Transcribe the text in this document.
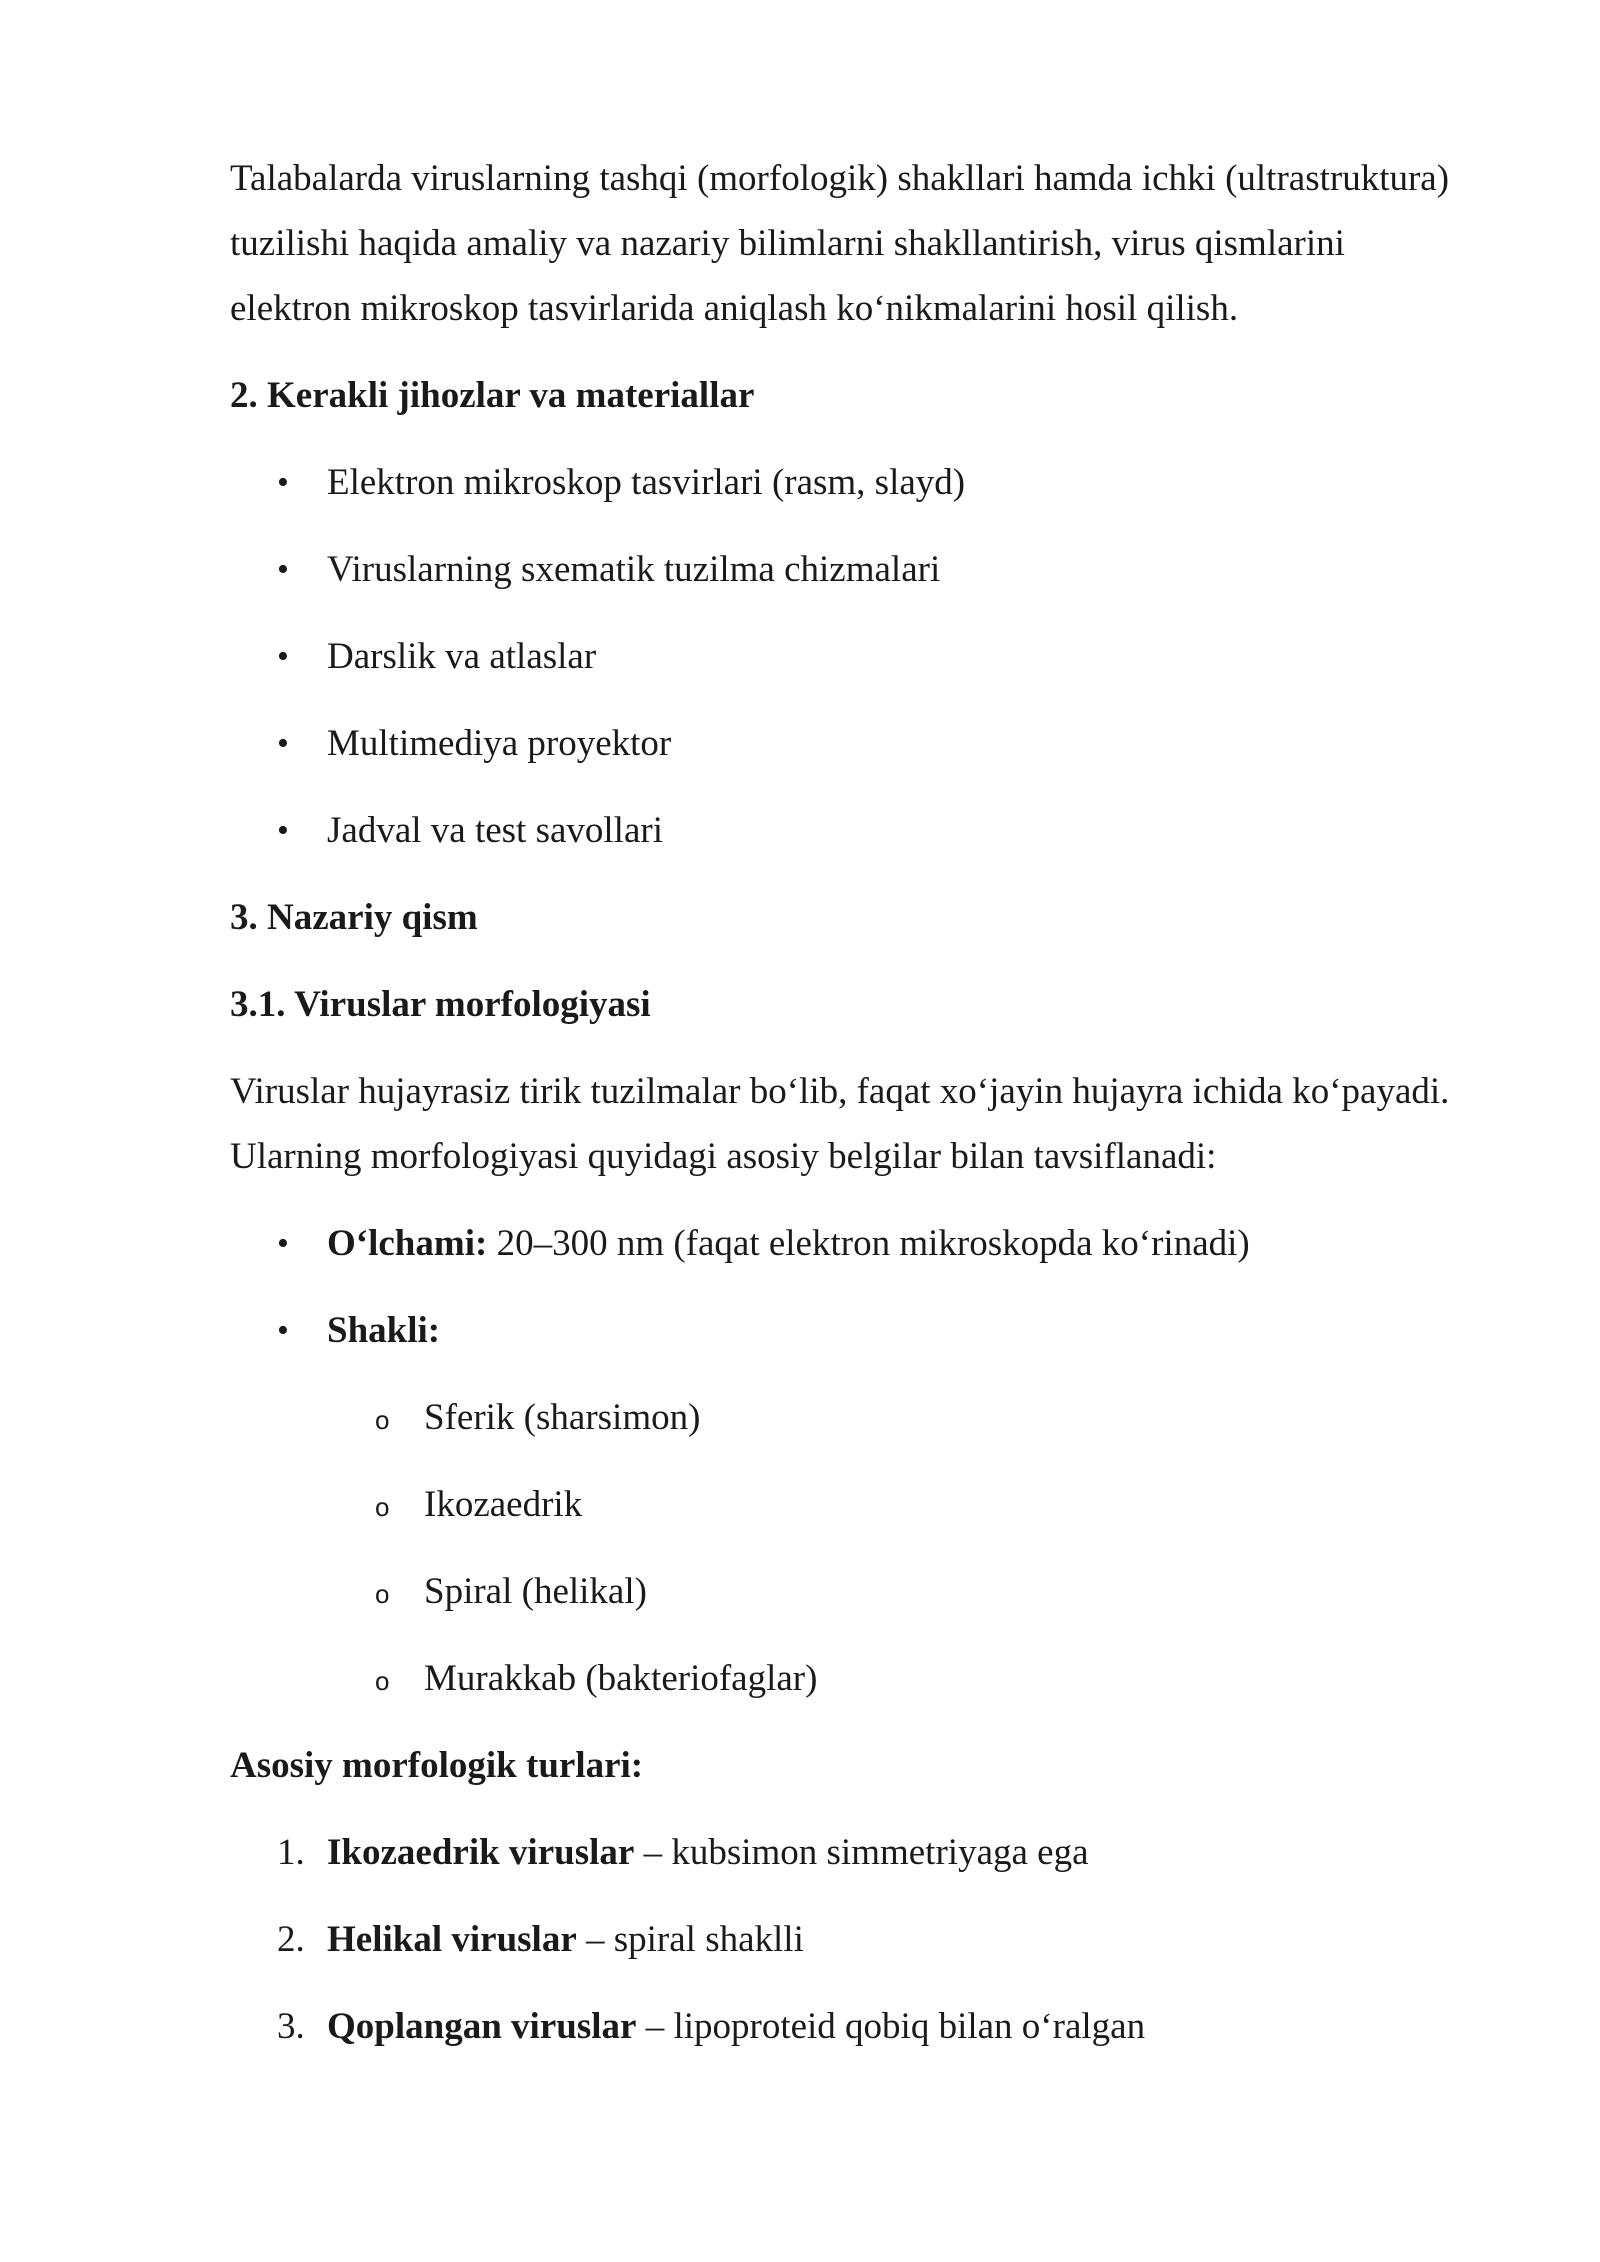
Talabalarda viruslarning tashqi (morfologik) shakllari hamda ichki (ultrastruktura)
tuzilishi haqida amaliy va nazariy bilimlarni shakllantirish, virus qismlarini
elektron mikroskop tasvirlarida aniqlash koʻnikmalarini hosil qilish.

2. Kerakli jihozlar va materiallar
• Elektron mikroskop tasvirlari (rasm, slayd)
• Viruslarning sxematik tuzilma chizmalari
• Darslik va atlaslar
• Multimediya proyektor
• Jadval va test savollari
3. Nazariy qism
3.1. Viruslar morfologiyasi

Viruslar hujayrasiz tirik tuzilmalar boʻlib, faqat xoʻjayin hujayra ichida koʻpayadi.
Ularning morfologiyasi quyidagi asosiy belgilar bilan tavsiflanadi:

• Oʻlchami: 20–300 nm (faqat elektron mikroskopda koʻrinadi)
• Shakli:
o Sferik (sharsimon)
o Ikozaedrik
o Spiral (helikal)
o Murakkab (bakteriofaglar)
Asosiy morfologik turlari:
1. Ikozaedrik viruslar – kubsimon simmetriyaga ega
2. Helikal viruslar – spiral shaklli
3. Qoplangan viruslar – lipoproteid qobiq bilan oʻralgan
